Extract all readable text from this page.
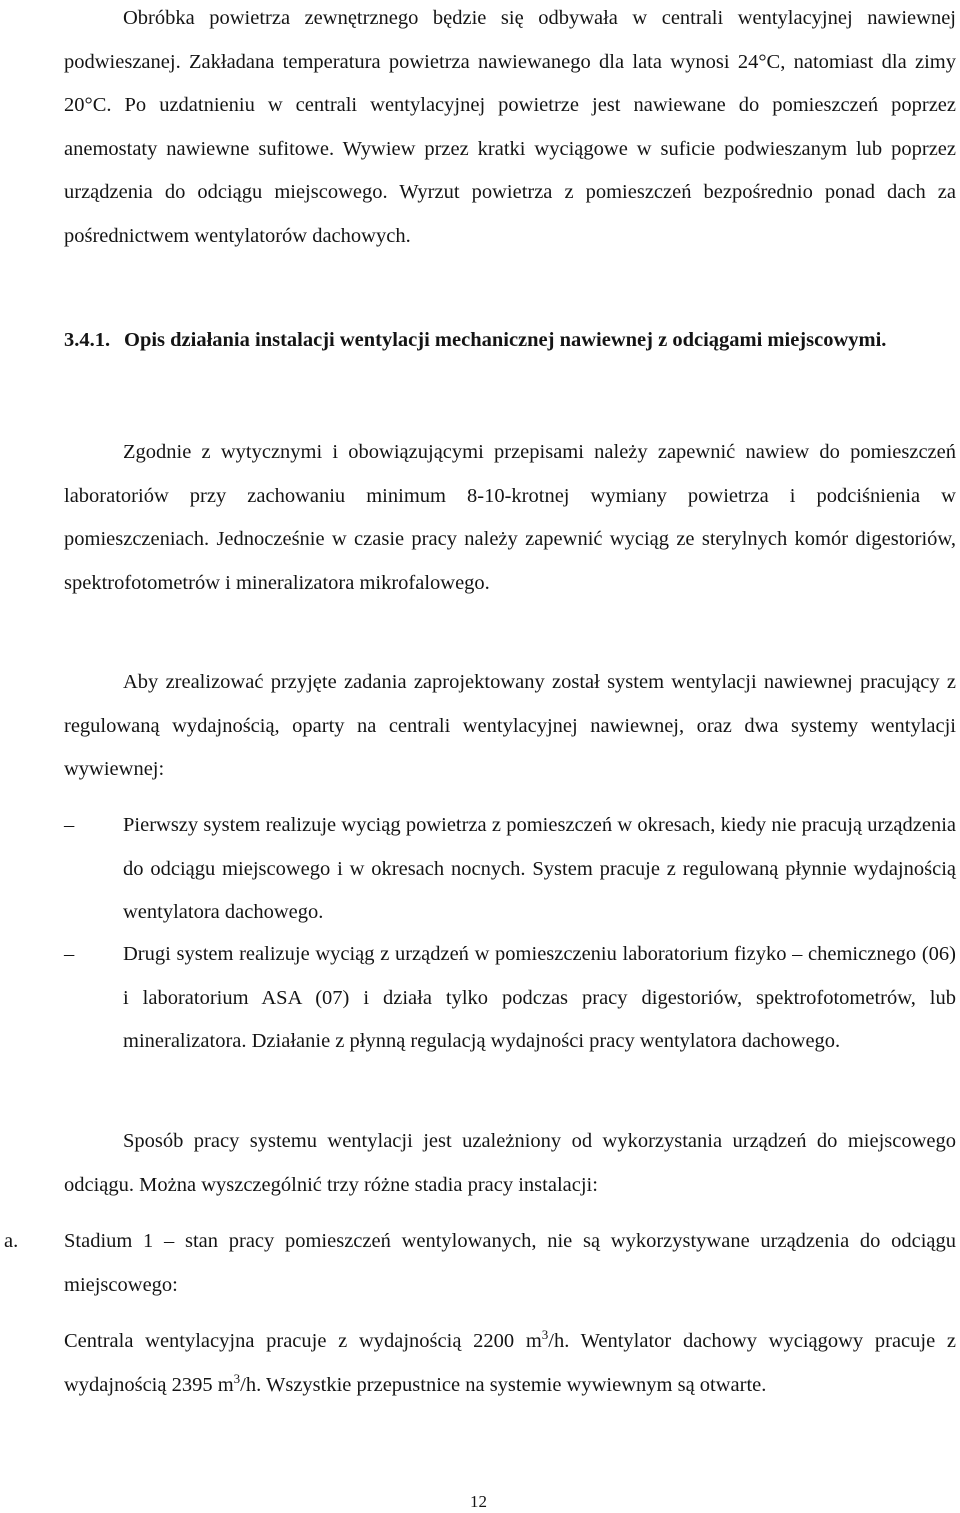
Obróbka powietrza zewnętrznego będzie się odbywała w centrali wentylacyjnej nawiewnej podwieszanej. Zakładana temperatura powietrza nawiewanego dla lata wynosi 24°C, natomiast dla zimy 20°C. Po uzdatnieniu w centrali wentylacyjnej powietrze jest nawiewane do pomieszczeń poprzez anemostaty nawiewne sufitowe. Wywiew przez kratki wyciągowe w suficie podwieszanym lub poprzez urządzenia do odciągu miejscowego. Wyrzut powietrza z pomieszczeń bezpośrednio ponad dach za pośrednictwem wentylatorów dachowych.

3.4.1. Opis działania instalacji wentylacji mechanicznej nawiewnej z odciągami miejscowymi.

Zgodnie z wytycznymi i obowiązującymi przepisami należy zapewnić nawiew do pomieszczeń laboratoriów przy zachowaniu minimum 8-10-krotnej wymiany powietrza i podciśnienia w pomieszczeniach. Jednocześnie w czasie pracy należy zapewnić wyciąg ze sterylnych komór digestoriów, spektrofotometrów i mineralizatora mikrofalowego.

Aby zrealizować przyjęte zadania zaprojektowany został system wentylacji nawiewnej pracujący z regulowaną wydajnością, oparty na centrali wentylacyjnej nawiewnej, oraz dwa systemy wentylacji wywiewnej:

–	Pierwszy system realizuje wyciąg powietrza z pomieszczeń w okresach, kiedy nie pracują urządzenia do odciągu miejscowego i w okresach nocnych. System pracuje z regulowaną płynnie wydajnością wentylatora dachowego.
–	Drugi system realizuje wyciąg z urządzeń w pomieszczeniu laboratorium fizyko – chemicznego (06) i laboratorium ASA (07) i działa tylko podczas pracy digestoriów, spektrofotometrów, lub mineralizatora. Działanie z płynną regulacją wydajności pracy wentylatora dachowego.

Sposób pracy systemu wentylacji jest uzależniony od wykorzystania urządzeń do miejscowego odciągu. Można wyszczególnić trzy różne stadia pracy instalacji:

a. Stadium 1 – stan pracy pomieszczeń wentylowanych, nie są wykorzystywane urządzenia do odciągu miejscowego:

Centrala wentylacyjna pracuje z wydajnością 2200 $m^3/h$. Wentylator dachowy wyciągowy pracuje z wydajnością 2395 $m^3/h$. Wszystkie przepustnice na systemie wywiewnym są otwarte.

12
